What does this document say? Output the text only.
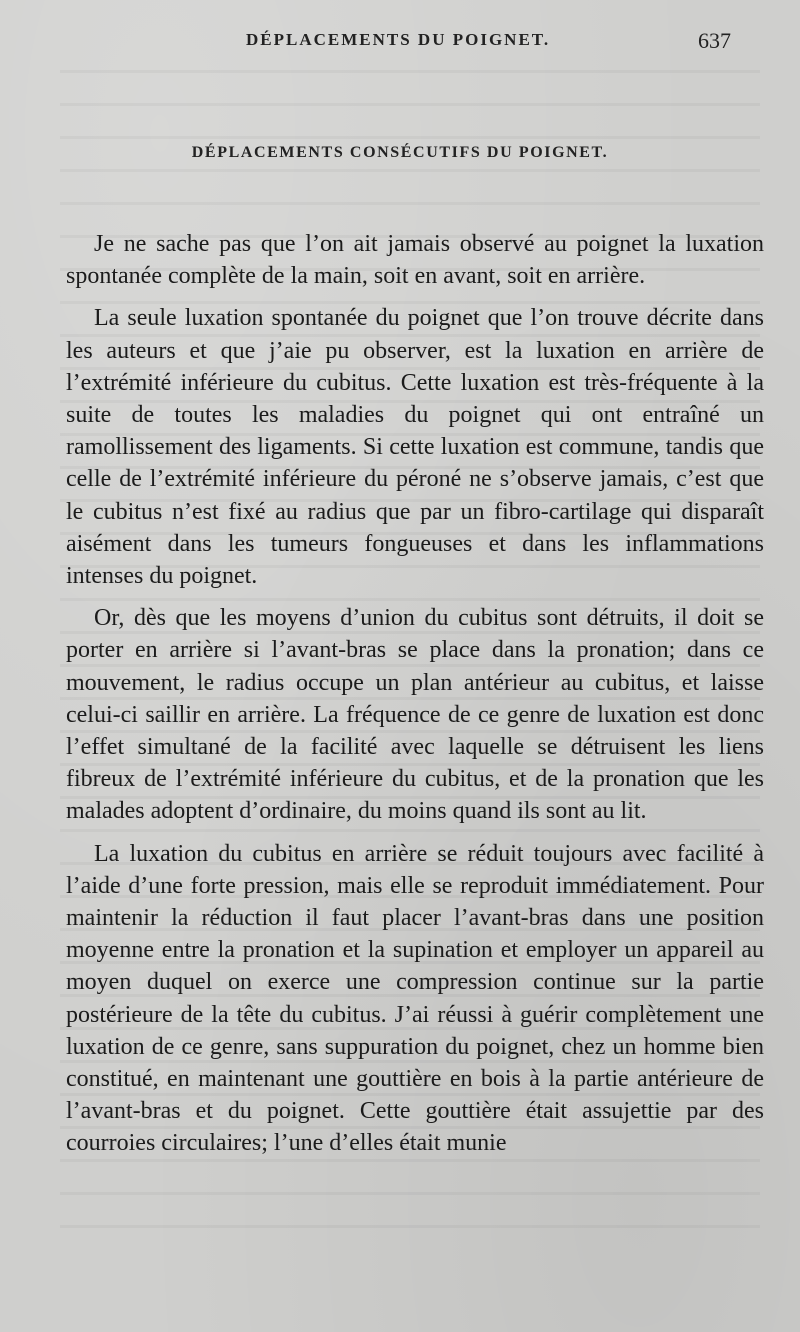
DÉPLACEMENTS DU POIGNET.	637
DÉPLACEMENTS CONSÉCUTIFS DU POIGNET.

Je ne sache pas que l’on ait jamais observé au poignet la luxation spontanée complète de la main, soit en avant, soit en arrière.

La seule luxation spontanée du poignet que l’on trouve décrite dans les auteurs et que j’aie pu observer, est la luxation en arrière de l’extrémité inférieure du cubitus. Cette luxation est très-fréquente à la suite de toutes les maladies du poignet qui ont entraîné un ramollissement des ligaments. Si cette luxation est commune, tandis que celle de l’extrémité inférieure du péroné ne s’observe jamais, c’est que le cubitus n’est fixé au radius que par un fibro-cartilage qui disparaît aisément dans les tumeurs fongueuses et dans les inflammations intenses du poignet.

Or, dès que les moyens d’union du cubitus sont détruits, il doit se porter en arrière si l’avant-bras se place dans la pronation; dans ce mouvement, le radius occupe un plan antérieur au cubitus, et laisse celui-ci saillir en arrière. La fréquence de ce genre de luxation est donc l’effet simultané de la facilité avec laquelle se détruisent les liens fibreux de l’extrémité inférieure du cubitus, et de la pronation que les malades adoptent d’ordinaire, du moins quand ils sont au lit.

La luxation du cubitus en arrière se réduit toujours avec facilité à l’aide d’une forte pression, mais elle se reproduit immédiatement. Pour maintenir la réduction il faut placer l’avant-bras dans une position moyenne entre la pronation et la supination et employer un appareil au moyen duquel on exerce une compression continue sur la partie postérieure de la tête du cubitus. J’ai réussi à guérir complètement une luxation de ce genre, sans suppuration du poignet, chez un homme bien constitué, en maintenant une gouttière en bois à la partie antérieure de l’avant-bras et du poignet. Cette gouttière était assujettie par des courroies circulaires; l’une d’elles était munie
